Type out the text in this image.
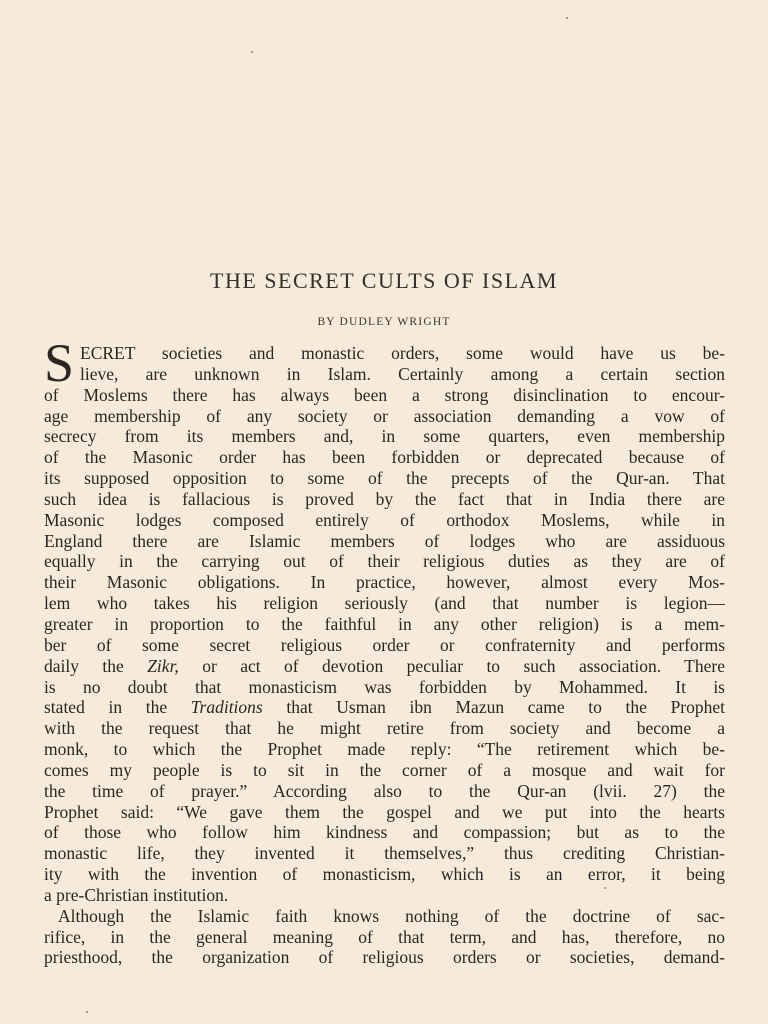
THE SECRET CULTS OF ISLAM
BY DUDLEY WRIGHT
S ECRET societies and monastic orders, some would have us be-
lieve, are unknown in Islam. Certainly among a certain section
of Moslems there has always been a strong disinclination to encour-
age membership of any society or association demanding a vow of
secrecy from its members and, in some quarters, even membership
of the Masonic order has been forbidden or deprecated because of
its supposed opposition to some of the precepts of the Qur-an. That
such idea is fallacious is proved by the fact that in India there are
Masonic lodges composed entirely of orthodox Moslems, while in
England there are Islamic members of lodges who are assiduous
equally in the carrying out of their religious duties as they are of
their Masonic obligations. In practice, however, almost every Mos-
lem who takes his religion seriously (and that number is legion—
greater in proportion to the faithful in any other religion) is a mem-
ber of some secret religious order or confraternity and performs
daily the Zikr, or act of devotion peculiar to such association. There
is no doubt that monasticism was forbidden by Mohammed. It is
stated in the Traditions that Usman ibn Mazun came to the Prophet
with the request that he might retire from society and become a
monk, to which the Prophet made reply: “The retirement which be-
comes my people is to sit in the corner of a mosque and wait for
the time of prayer.” According also to the Qur-an (lvii. 27) the
Prophet said: “We gave them the gospel and we put into the hearts
of those who follow him kindness and compassion; but as to the
monastic life, they invented it themselves,” thus crediting Christian-
ity with the invention of monasticism, which is an error, it being
a pre-Christian institution.
Although the Islamic faith knows nothing of the doctrine of sac-
rifice, in the general meaning of that term, and has, therefore, no
priesthood, the organization of religious orders or societies, demand-
